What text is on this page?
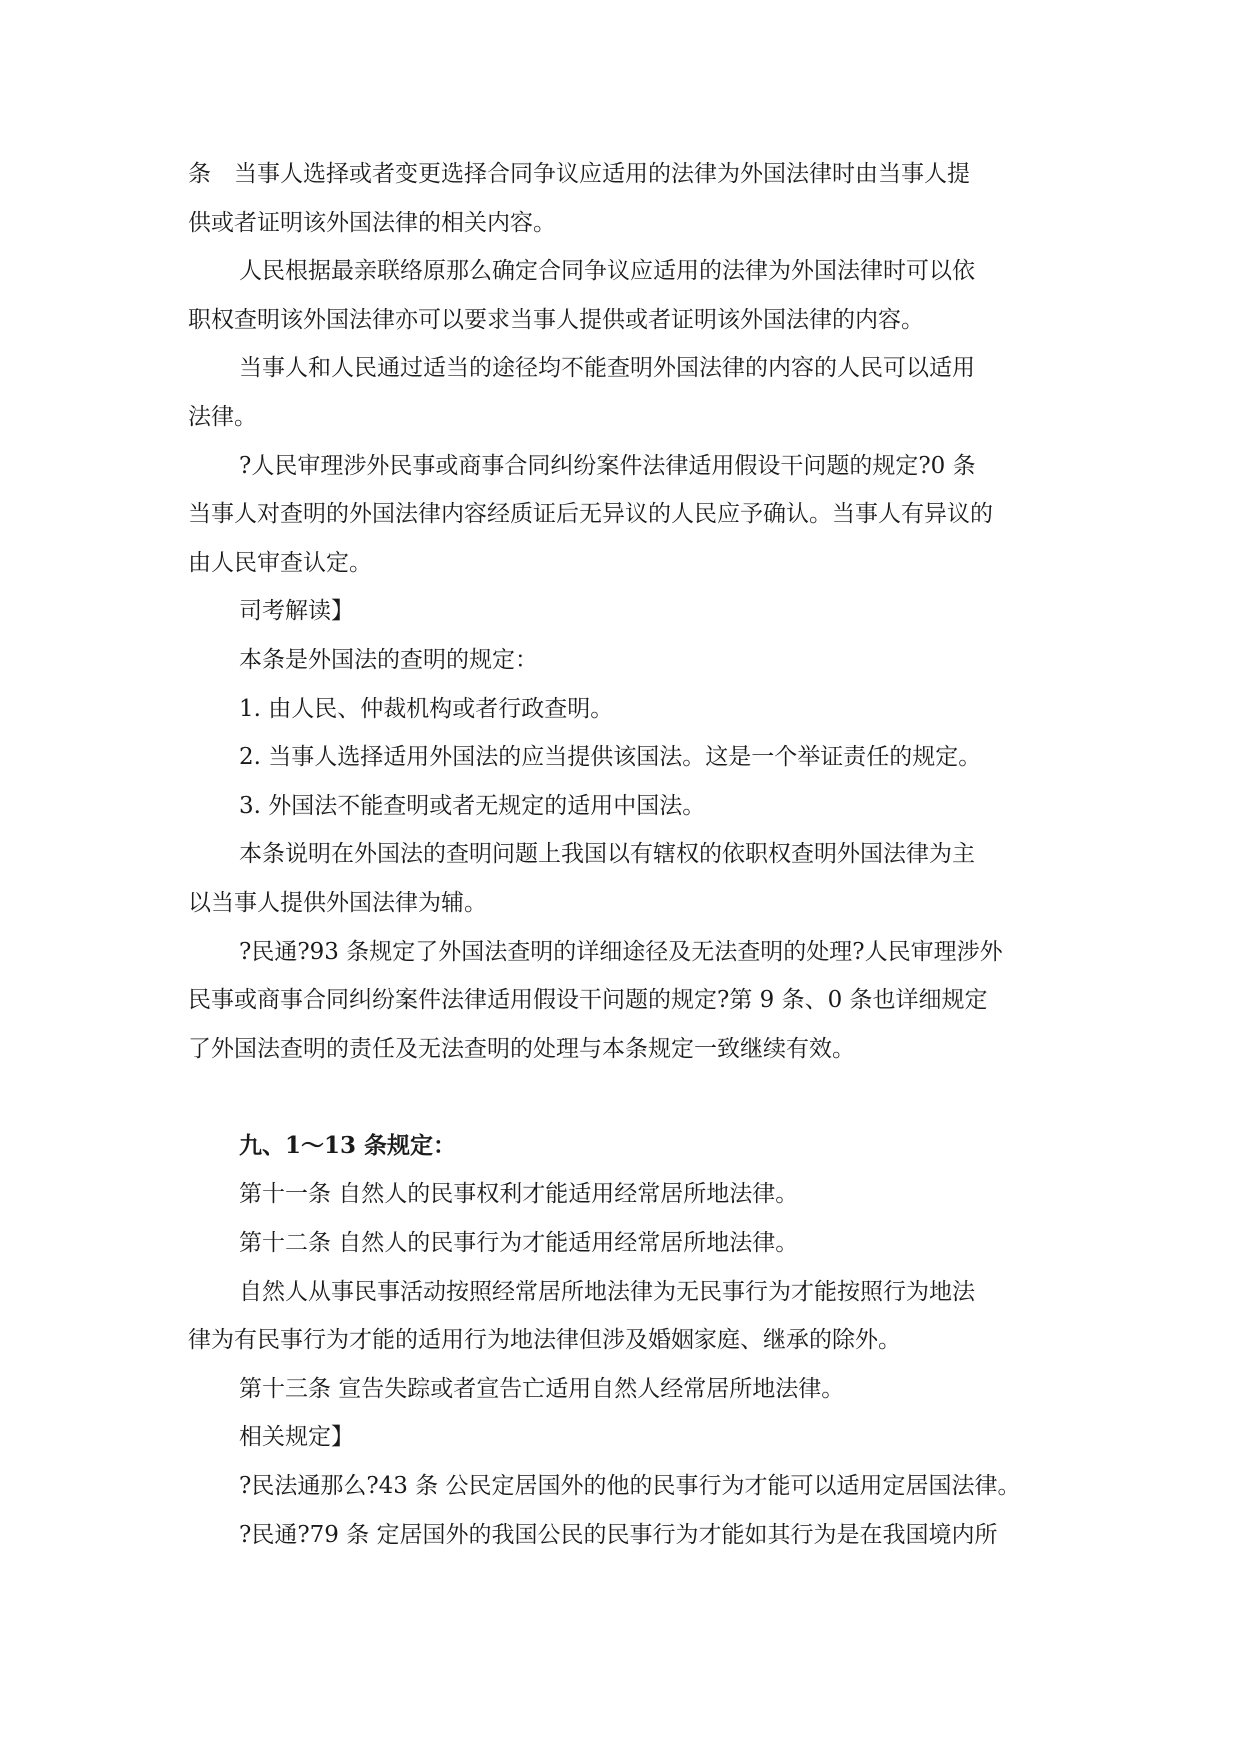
条　当事人选择或者变更选择合同争议应适用的法律为外国法律时由当事人提
供或者证明该外国法律的相关内容。
人民根据最亲联络原那么确定合同争议应适用的法律为外国法律时可以依
职权查明该外国法律亦可以要求当事人提供或者证明该外国法律的内容。
当事人和人民通过适当的途径均不能查明外国法律的内容的人民可以适用
法律。
?人民审理涉外民事或商事合同纠纷案件法律适用假设干问题的规定?0 条
当事人对查明的外国法律内容经质证后无异议的人民应予确认。当事人有异议的
由人民审查认定。
司考解读】
本条是外国法的查明的规定：
1. 由人民、仲裁机构或者行政查明。
2. 当事人选择适用外国法的应当提供该国法。这是一个举证责任的规定。
3. 外国法不能查明或者无规定的适用中国法。
本条说明在外国法的查明问题上我国以有辖权的依职权查明外国法律为主
以当事人提供外国法律为辅。
?民通?93 条规定了外国法查明的详细途径及无法查明的处理?人民审理涉外
民事或商事合同纠纷案件法律适用假设干问题的规定?第 9 条、0 条也详细规定
了外国法查明的责任及无法查明的处理与本条规定一致继续有效。
九、1～13 条规定：
第十一条 自然人的民事权利才能适用经常居所地法律。
第十二条 自然人的民事行为才能适用经常居所地法律。
自然人从事民事活动按照经常居所地法律为无民事行为才能按照行为地法
律为有民事行为才能的适用行为地法律但涉及婚姻家庭、继承的除外。
第十三条 宣告失踪或者宣告亡适用自然人经常居所地法律。
相关规定】
?民法通那么?43 条 公民定居国外的他的民事行为才能可以适用定居国法律。
?民通?79 条 定居国外的我国公民的民事行为才能如其行为是在我国境内所
